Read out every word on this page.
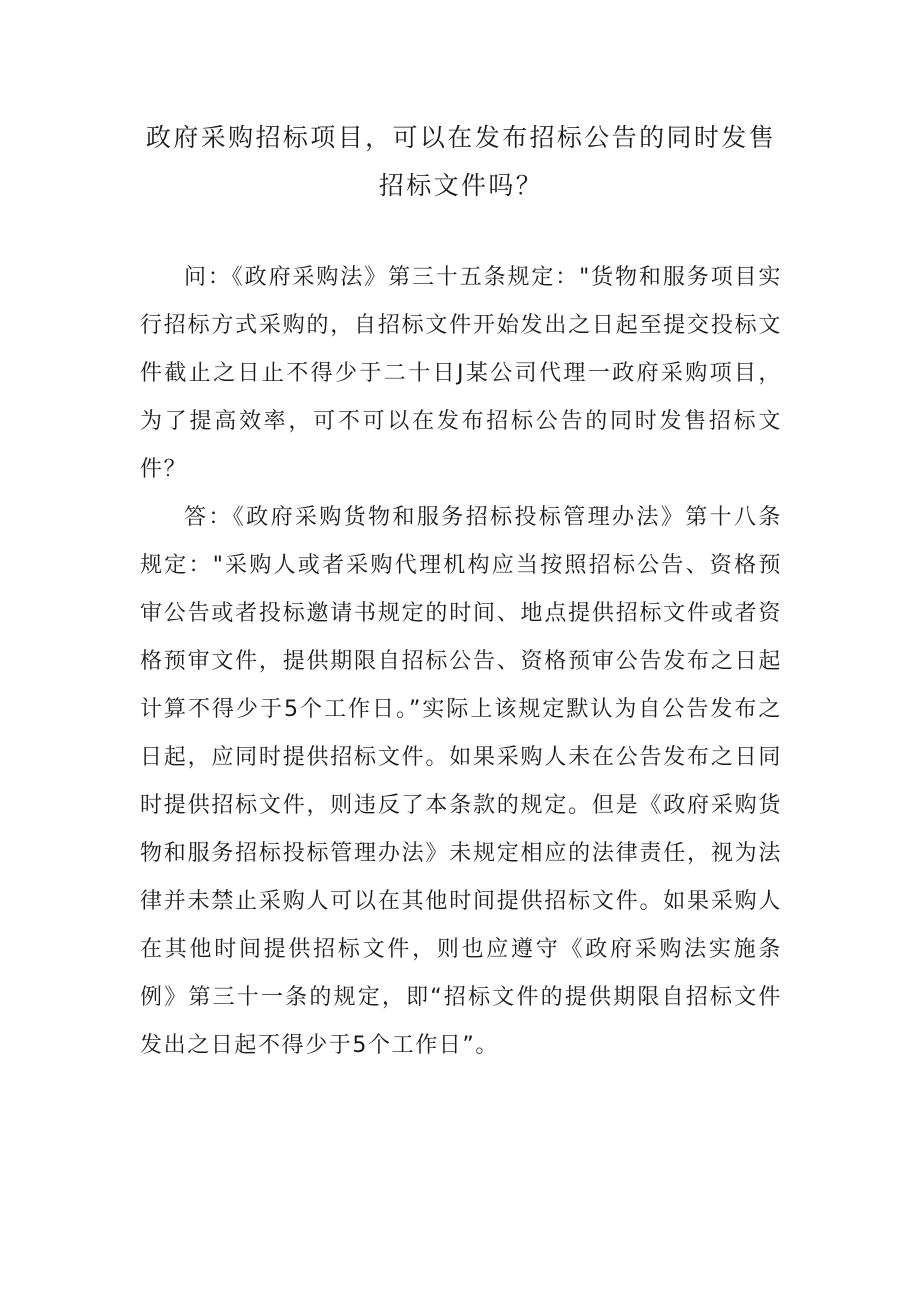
政府采购招标项目，可以在发布招标公告的同时发售招标文件吗？

问：《政府采购法》第三十五条规定："货物和服务项目实行招标方式采购的，自招标文件开始发出之日起至提交投标文件截止之日止不得少于二十日J某公司代理一政府采购项目，为了提高效率，可不可以在发布招标公告的同时发售招标文件？

答：《政府采购货物和服务招标投标管理办法》第十八条规定："采购人或者采购代理机构应当按照招标公告、资格预审公告或者投标邀请书规定的时间、地点提供招标文件或者资格预审文件，提供期限自招标公告、资格预审公告发布之日起计算不得少于5个工作日。”实际上该规定默认为自公告发布之日起，应同时提供招标文件。如果采购人未在公告发布之日同时提供招标文件，则违反了本条款的规定。但是《政府采购货物和服务招标投标管理办法》未规定相应的法律责任，视为法律并未禁止采购人可以在其他时间提供招标文件。如果采购人在其他时间提供招标文件，则也应遵守《政府采购法实施条例》第三十一条的规定，即“招标文件的提供期限自招标文件发出之日起不得少于5个工作日”。
